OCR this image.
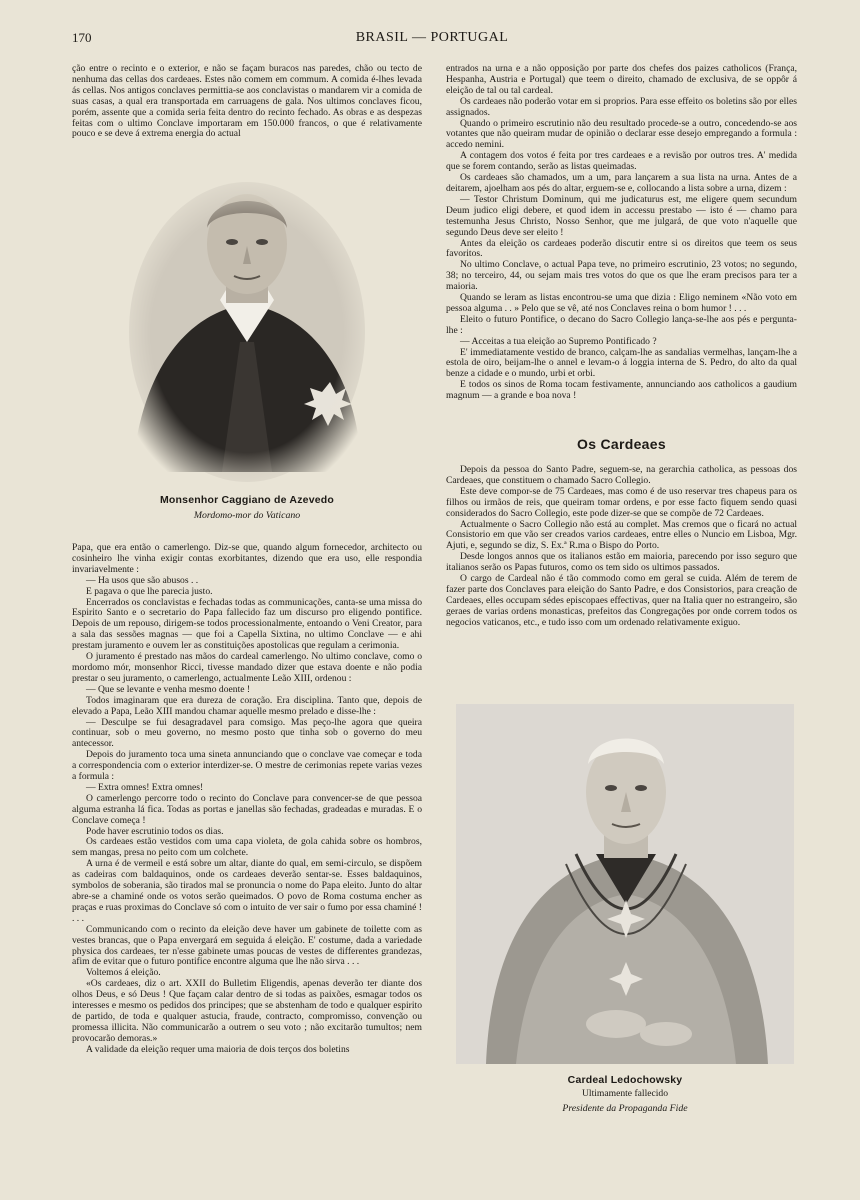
170	BRASIL — PORTUGAL

ção entre o recinto e o exterior, e não se façam buracos nas paredes, chão ou tecto de nenhuma das cellas dos cardeaes. Estes não comem em commum. A comida é-lhes levada ás cellas. Nos antigos conclaves permittia-se aos conclavistas o mandarem vir a comida de suas casas, a qual era transportada em carruagens de gala. Nos ultimos conclaves ficou, porém, assente que a comida seria feita dentro do recinto fechado. As obras e as despezas feitas com o ultimo Conclave importaram em 150.000 francos, o que é relativamente pouco e se deve á extrema energia do actual

Monsenhor Caggiano de Azevedo
Mordomo-mor do Vaticano

Papa, que era então o camerlengo. Diz-se que, quando algum fornecedor, architecto ou cosinheiro lhe vinha exigir contas exorbitantes, dizendo que era uso, elle respondia invariavelmente :

— Ha usos que são abusos . .

E pagava o que lhe parecia justo.

Encerrados os conclavistas e fechadas todas as communicações, canta-se uma missa do Espirito Santo e o secretario do Papa fallecido faz um discurso pro eligendo pontifice. Depois de um repouso, dirigem-se todos processionalmente, entoando o Veni Creator, para a sala das sessões magnas — que foi a Capella Sixtina, no ultimo Conclave — e ahi prestam juramento e ouvem ler as constituições apostolicas que regulam a cerimonia.

O juramento é prestado nas mãos do cardeal camerlengo. No ultimo conclave, como o mordomo mór, monsenhor Ricci, tivesse mandado dizer que estava doente e não podia prestar o seu juramento, o camerlengo, actualmente Leão XIII, ordenou :

— Que se levante e venha mesmo doente !

Todos imaginaram que era dureza de coração. Era disciplina. Tanto que, depois de elevado a Papa, Leão XIII mandou chamar aquelle mesmo prelado e disse-lhe :

— Desculpe se fui desagradavel para comsigo. Mas peço-lhe agora que queira continuar, sob o meu governo, no mesmo posto que tinha sob o governo do meu antecessor.

Depois do juramento toca uma sineta annunciando que o conclave vae começar e toda a correspondencia com o exterior interdizer-se. O mestre de cerimonias repete varias vezes a formula :

— Extra omnes! Extra omnes!

O camerlengo percorre todo o recinto do Conclave para convencer-se de que pessoa alguma estranha lá fica. Todas as portas e janellas são fechadas, gradeadas e muradas. E o Conclave começa !

Pode haver escrutinio todos os dias.

Os cardeaes estão vestidos com uma capa violeta, de gola cahida sobre os hombros, sem mangas, presa no peito com um colchete.

A urna é de vermeil e está sobre um altar, diante do qual, em semi-circulo, se dispõem as cadeiras com baldaquinos, onde os cardeaes deverão sentar-se. Esses baldaquinos, symbolos de soberania, são tirados mal se pronuncia o nome do Papa eleito. Junto do altar abre-se a chaminé onde os votos serão queimados. O povo de Roma costuma encher as praças e ruas proximas do Conclave só com o intuito de ver sair o fumo por essa chaminé ! . . .

Communicando com o recinto da eleição deve haver um gabinete de toilette com as vestes brancas, que o Papa envergará em seguida á eleição. E' costume, dada a variedade physica dos cardeaes, ter n'esse gabinete umas poucas de vestes de differentes grandezas, afim de evitar que o futuro pontifice encontre alguma que lhe não sirva . . .

Voltemos á eleição.

«Os cardeaes, diz o art. XXII do Bulletim Eligendis, apenas deverão ter diante dos olhos Deus, e só Deus ! Que façam calar dentro de si todas as paixões, esmagar todos os interesses e mesmo os pedidos dos principes; que se abstenham de todo e qualquer espirito de partido, de toda e qualquer astucia, fraude, contracto, compromisso, convenção ou promessa illicita. Não communicarão a outrem o seu voto ; não excitarão tumultos; nem provocarão demoras.»

A validade da eleição requer uma maioria de dois terços dos boletins

entrados na urna e a não opposição por parte dos chefes dos paizes catholicos (França, Hespanha, Austria e Portugal) que teem o direito, chamado de exclusiva, de se oppôr á eleição de tal ou tal cardeal.

Os cardeaes não poderão votar em si proprios. Para esse effeito os boletins são por elles assignados.

Quando o primeiro escrutinio não deu resultado procede-se a outro, concedendo-se aos votantes que não queiram mudar de opinião o declarar esse desejo empregando a formula : accedo nemini.

A contagem dos votos é feita por tres cardeaes e a revisão por outros tres. A' medida que se forem contando, serão as listas queimadas.

Os cardeaes são chamados, um a um, para lançarem a sua lista na urna. Antes de a deitarem, ajoelham aos pés do altar, erguem-se e, collocando a lista sobre a urna, dizem :

— Testor Christum Dominum, qui me judicaturus est, me eligere quem secundum Deum judico eligi debere, et quod idem in accessu prestabo — isto é — chamo para testemunha Jesus Christo, Nosso Senhor, que me julgará, de que voto n'aquelle que segundo Deus deve ser eleito !

Antes da eleição os cardeaes poderão discutir entre si os direitos que teem os seus favoritos.

No ultimo Conclave, o actual Papa teve, no primeiro escrutinio, 23 votos; no segundo, 38; no terceiro, 44, ou sejam mais tres votos do que os que lhe eram precisos para ter a maioria.

Quando se leram as listas encontrou-se uma que dizia : Eligo neminem «Não voto em pessoa alguma . . » Pelo que se vê, até nos Conclaves reina o bom humor ! . . .

Eleito o futuro Pontifice, o decano do Sacro Collegio lança-se-lhe aos pés e pergunta-lhe :

— Acceitas a tua eleição ao Supremo Pontificado ?

E' immediatamente vestido de branco, calçam-lhe as sandalias vermelhas, lançam-lhe a estola de oiro, beijam-lhe o annel e levam-o á loggia interna de S. Pedro, do alto da qual benze a cidade e o mundo, urbi et orbi.

E todos os sinos de Roma tocam festivamente, annunciando aos catholicos a gaudium magnum — a grande e boa nova !

Os Cardeaes

Depois da pessoa do Santo Padre, seguem-se, na gerarchia catholica, as pessoas dos Cardeaes, que constituem o chamado Sacro Collegio.

Este deve compor-se de 75 Cardeaes, mas como é de uso reservar tres chapeus para os filhos ou irmãos de reis, que queiram tomar ordens, e por esse facto fiquem sendo quasi considerados do Sacro Collegio, este pode dizer-se que se compõe de 72 Cardeaes.

Actualmente o Sacro Collegio não está au complet. Mas cremos que o ficará no actual Consistorio em que vão ser creados varios cardeaes, entre elles o Nuncio em Lisboa, Mgr. Ajuti, e, segundo se diz, S. Ex.ª R.ma o Bispo do Porto.

Desde longos annos que os italianos estão em maioria, parecendo por isso seguro que italianos serão os Papas futuros, como os tem sido os ultimos passados.

O cargo de Cardeal não é tão commodo como em geral se cuida. Além de terem de fazer parte dos Conclaves para eleição do Santo Padre, e dos Consistorios, para creação de Cardeaes, elles occupam sédes episcopaes effectivas, quer na Italia quer no estrangeiro, são geraes de varias ordens monasticas, prefeitos das Congregações por onde correm todos os negocios vaticanos, etc., e tudo isso com um ordenado relativamente exiguo.

Cardeal Ledochowsky
Ultimamente fallecido
Presidente da Propaganda Fide
